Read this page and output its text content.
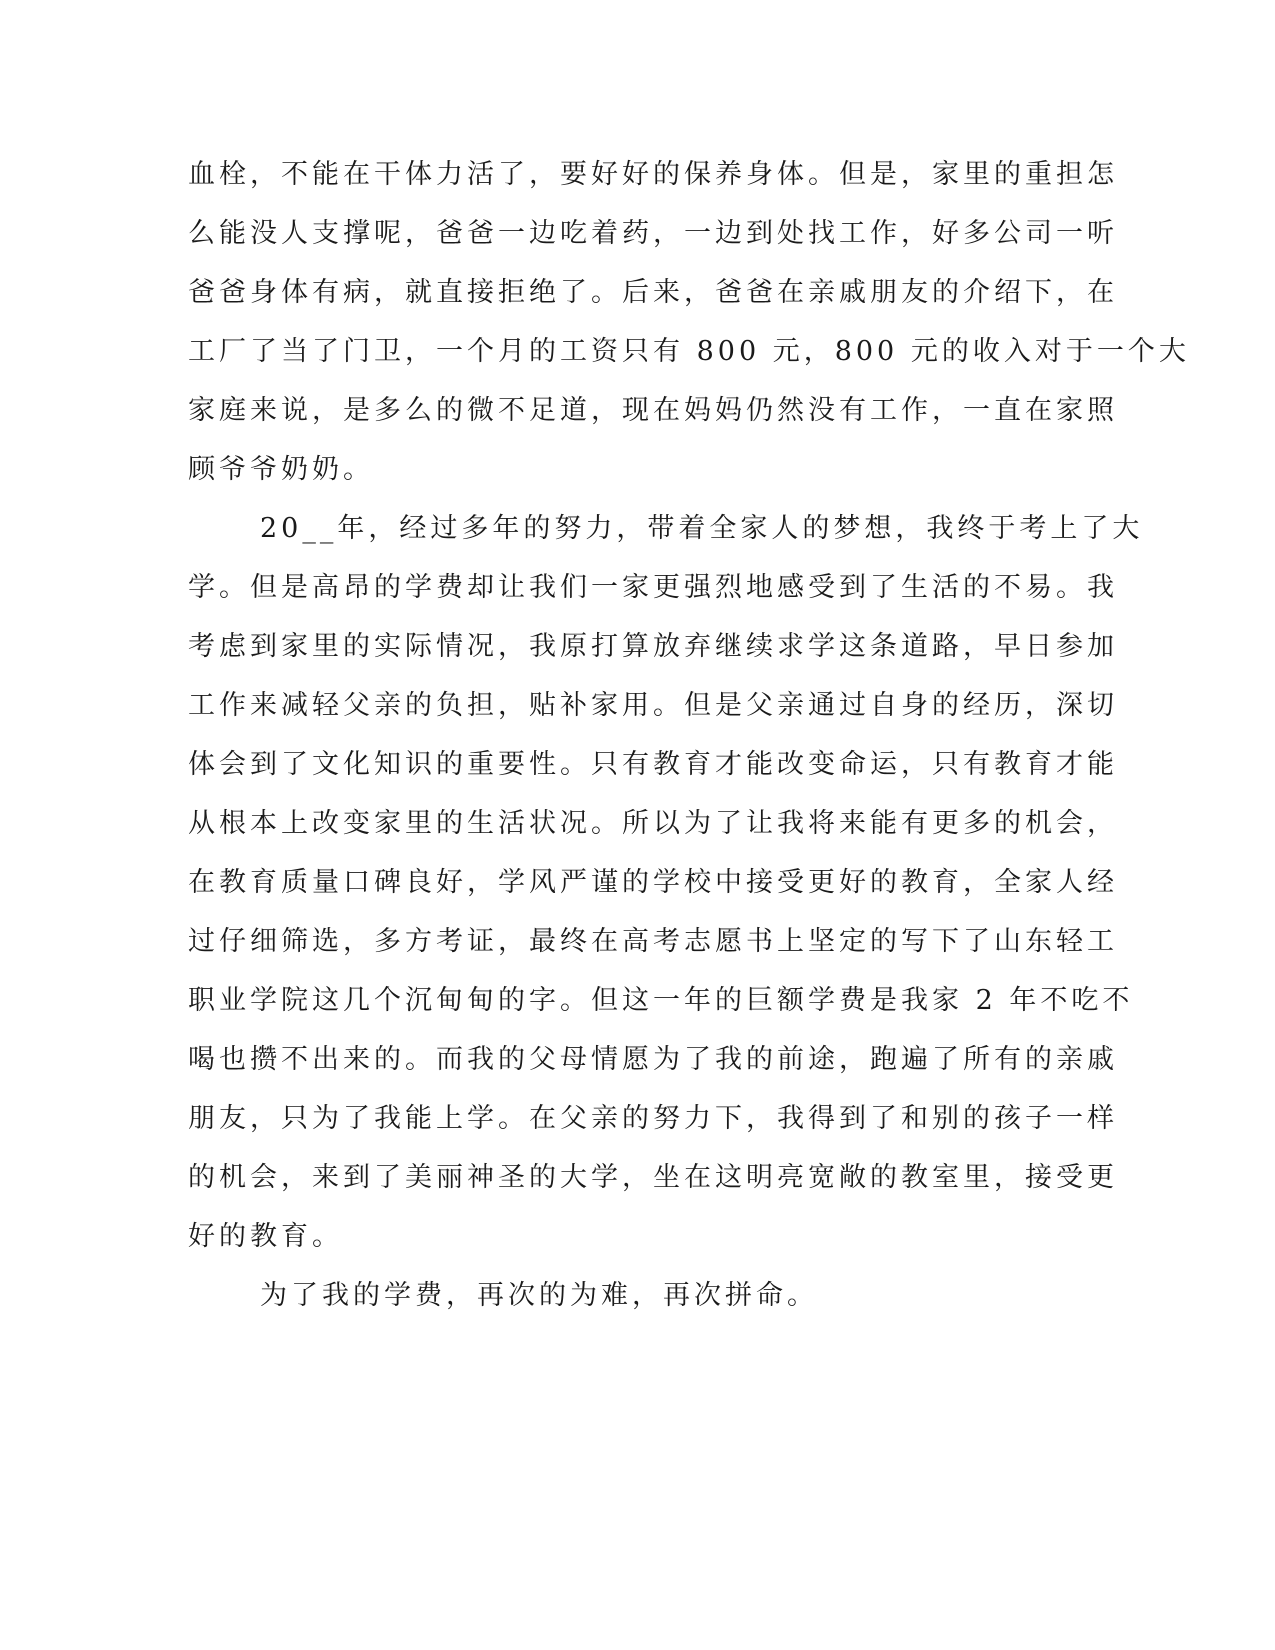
血栓，不能在干体力活了，要好好的保养身体。但是，家里的重担怎
么能没人支撑呢，爸爸一边吃着药，一边到处找工作，好多公司一听
爸爸身体有病，就直接拒绝了。后来，爸爸在亲戚朋友的介绍下，在
工厂了当了门卫，一个月的工资只有 800 元，800 元的收入对于一个大
家庭来说，是多么的微不足道，现在妈妈仍然没有工作，一直在家照
顾爷爷奶奶。
20__年，经过多年的努力，带着全家人的梦想，我终于考上了大
学。但是高昂的学费却让我们一家更强烈地感受到了生活的不易。我
考虑到家里的实际情况，我原打算放弃继续求学这条道路，早日参加
工作来减轻父亲的负担，贴补家用。但是父亲通过自身的经历，深切
体会到了文化知识的重要性。只有教育才能改变命运，只有教育才能
从根本上改变家里的生活状况。所以为了让我将来能有更多的机会，
在教育质量口碑良好，学风严谨的学校中接受更好的教育，全家人经
过仔细筛选，多方考证，最终在高考志愿书上坚定的写下了山东轻工
职业学院这几个沉甸甸的字。但这一年的巨额学费是我家 2 年不吃不
喝也攒不出来的。而我的父母情愿为了我的前途，跑遍了所有的亲戚
朋友，只为了我能上学。在父亲的努力下，我得到了和别的孩子一样
的机会，来到了美丽神圣的大学，坐在这明亮宽敞的教室里，接受更
好的教育。
为了我的学费，再次的为难，再次拼命。
